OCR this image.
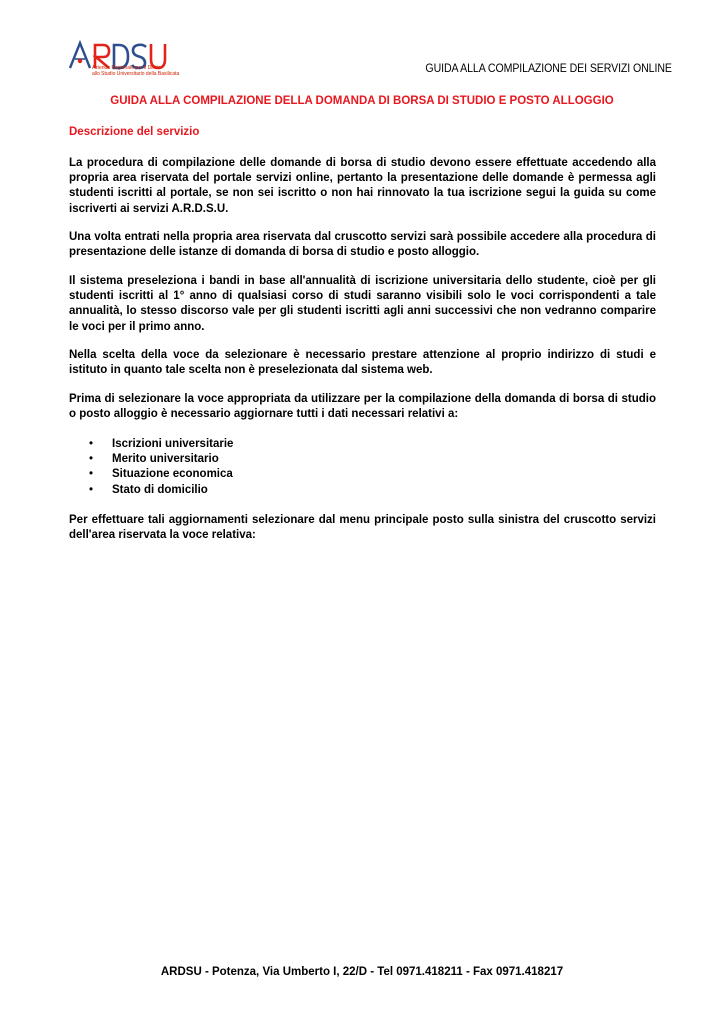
Azienda Regionale per il Diritto
allo Studio Universitario della Basilicata	GUIDA ALLA COMPILAZIONE DEI SERVIZI ONLINE
GUIDA ALLA COMPILAZIONE DELLA DOMANDA DI BORSA DI STUDIO E POSTO ALLOGGIO
Descrizione del servizio

La procedura di compilazione delle domande di borsa di studio devono essere effettuate accedendo alla propria area riservata del portale servizi online, pertanto la presentazione delle domande è permessa agli studenti iscritti al portale, se non sei iscritto o non hai rinnovato la tua iscrizione segui la guida su come iscriverti ai servizi A.R.D.S.U.

Una volta entrati nella propria area riservata dal cruscotto servizi sarà possibile accedere alla procedura di presentazione delle istanze di domanda di borsa di studio e posto alloggio.

Il sistema preseleziona i bandi in base all'annualità di iscrizione universitaria dello studente, cioè per gli studenti iscritti al 1° anno di qualsiasi corso di studi saranno visibili solo le voci corrispondenti a tale annualità, lo stesso discorso vale per gli studenti iscritti agli anni successivi che non vedranno comparire le voci per il primo anno.

Nella scelta della voce da selezionare è necessario prestare attenzione al proprio indirizzo di studi e istituto in quanto tale scelta non è preselezionata dal sistema web.

Prima di selezionare la voce appropriata da utilizzare per la compilazione della domanda di borsa di studio o posto alloggio è necessario aggiornare tutti i dati necessari relativi a:

• Iscrizioni universitarie
• Merito universitario
• Situazione economica
• Stato di domicilio

Per effettuare tali aggiornamenti selezionare dal menu principale posto sulla sinistra del cruscotto servizi dell'area riservata la voce relativa:

ARDSU - Potenza, Via Umberto I, 22/D - Tel 0971.418211 - Fax 0971.418217
